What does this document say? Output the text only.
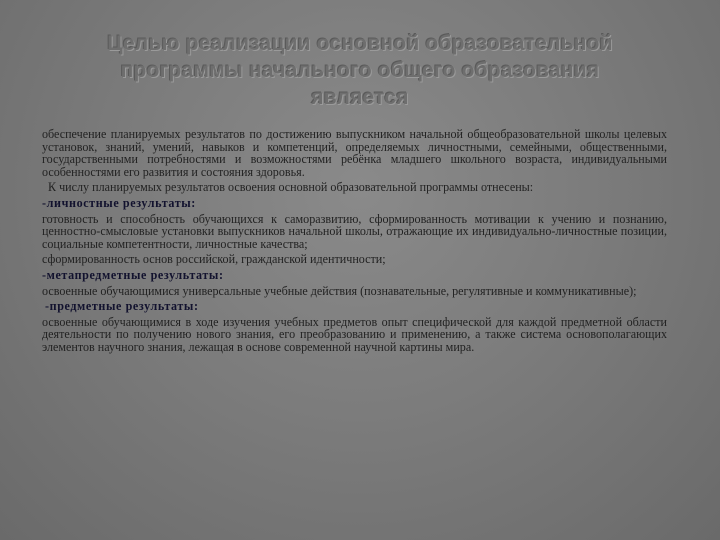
Целью реализации основной образовательной
программы начального общего образования
является

обеспечение планируемых результатов по достижению выпускником начальной общеобразовательной школы целевых установок, знаний, умений, навыков и компетенций, определяемых личностными, семейными, общественными, государственными потребностями и возможностями ребёнка младшего школьного возраста, индивидуальными особенностями его развития и состояния здоровья.

К числу планируемых результатов освоения основной образовательной программы отнесены:

-личностные результаты:

готовность и способность обучающихся к саморазвитию, сформированность мотивации к учению и познанию, ценностно-смысловые установки выпускников начальной школы, отражающие их индивидуально-личностные позиции, социальные компетентности, личностные качества;

сформированность основ российской, гражданской идентичности;

-метапредметные результаты:

освоенные обучающимися универсальные учебные действия (познавательные, регулятивные и коммуникативные);

-предметные результаты:

освоенные обучающимися в ходе изучения учебных предметов опыт специфической для каждой предметной области деятельности по получению нового знания, его преобразованию и применению, а также система основополагающих элементов научного знания, лежащая в основе современной научной картины мира.
